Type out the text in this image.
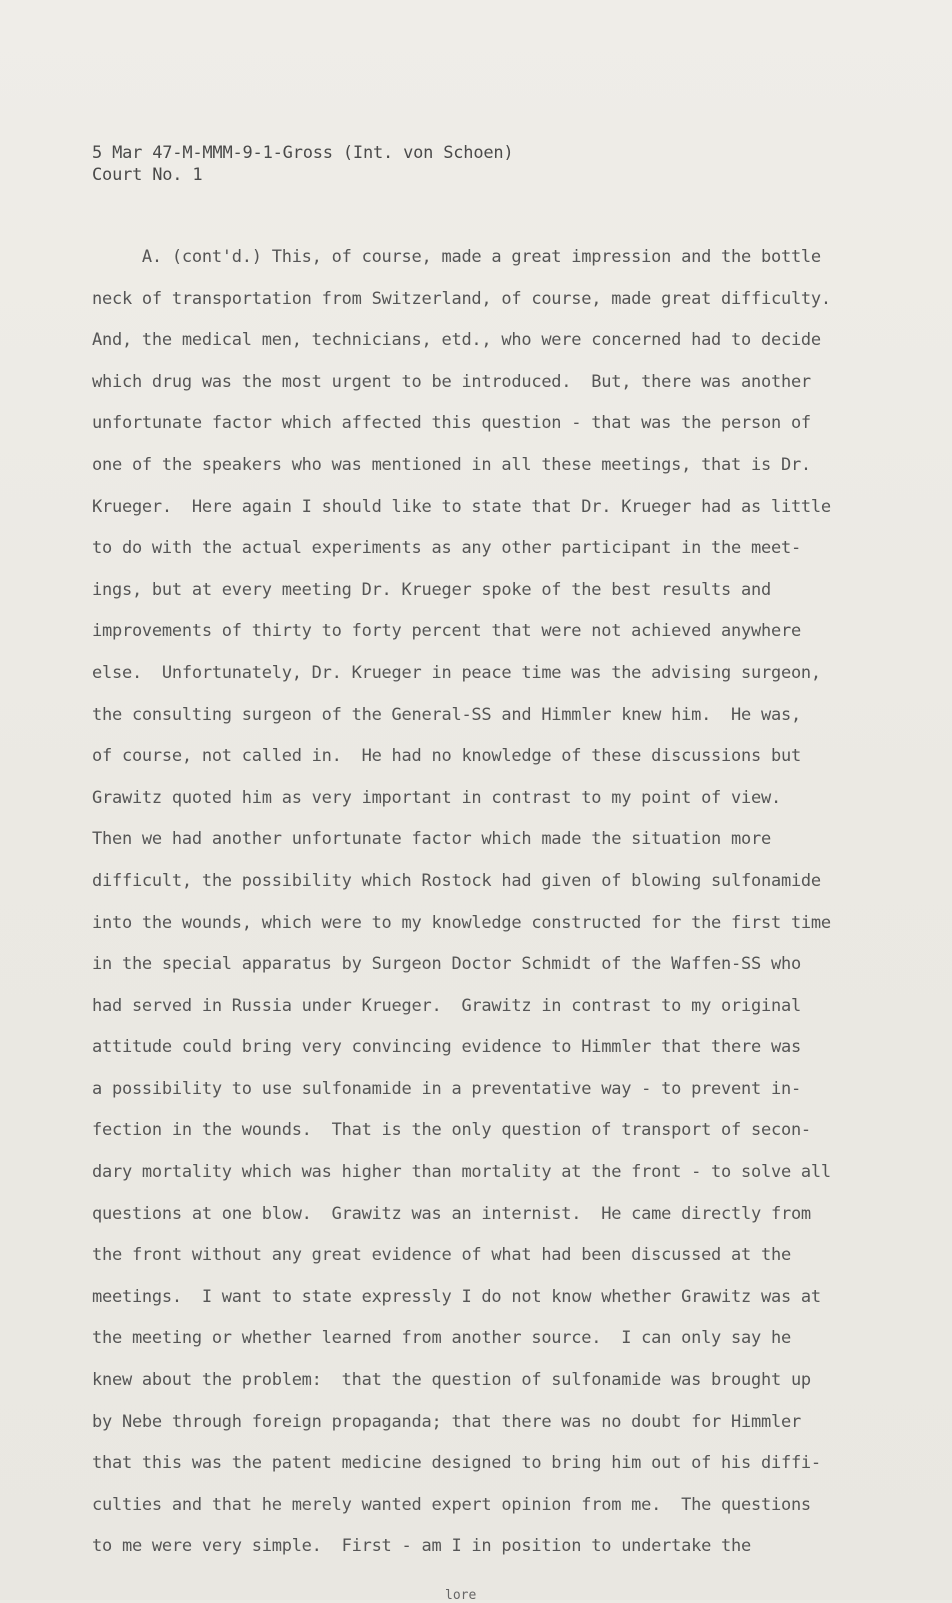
5 Mar 47-M-MMM-9-1-Gross (Int. von Schoen)
Court No. 1
A. (cont'd.) This, of course, made a great impression and the bottle
neck of transportation from Switzerland, of course, made great difficulty.
And, the medical men, technicians, etd., who were concerned had to decide
which drug was the most urgent to be introduced.  But, there was another
unfortunate factor which affected this question - that was the person of
one of the speakers who was mentioned in all these meetings, that is Dr.
Krueger.  Here again I should like to state that Dr. Krueger had as little
to do with the actual experiments as any other participant in the meet-
ings, but at every meeting Dr. Krueger spoke of the best results and
improvements of thirty to forty percent that were not achieved anywhere
else.  Unfortunately, Dr. Krueger in peace time was the advising surgeon,
the consulting surgeon of the General-SS and Himmler knew him.  He was,
of course, not called in.  He had no knowledge of these discussions but
Grawitz quoted him as very important in contrast to my point of view.
Then we had another unfortunate factor which made the situation more
difficult, the possibility which Rostock had given of blowing sulfonamide
into the wounds, which were to my knowledge constructed for the first time
in the special apparatus by Surgeon Doctor Schmidt of the Waffen-SS who
had served in Russia under Krueger.  Grawitz in contrast to my original
attitude could bring very convincing evidence to Himmler that there was
a possibility to use sulfonamide in a preventative way - to prevent in-
fection in the wounds.  That is the only question of transport of secon-
dary mortality which was higher than mortality at the front - to solve all
questions at one blow.  Grawitz was an internist.  He came directly from
the front without any great evidence of what had been discussed at the
meetings.  I want to state expressly I do not know whether Grawitz was at
the meeting or whether learned from another source.  I can only say he
knew about the problem:  that the question of sulfonamide was brought up
by Nebe through foreign propaganda; that there was no doubt for Himmler
that this was the patent medicine designed to bring him out of his diffi-
culties and that he merely wanted expert opinion from me.  The questions
to me were very simple.  First - am I in position to undertake the
lore
